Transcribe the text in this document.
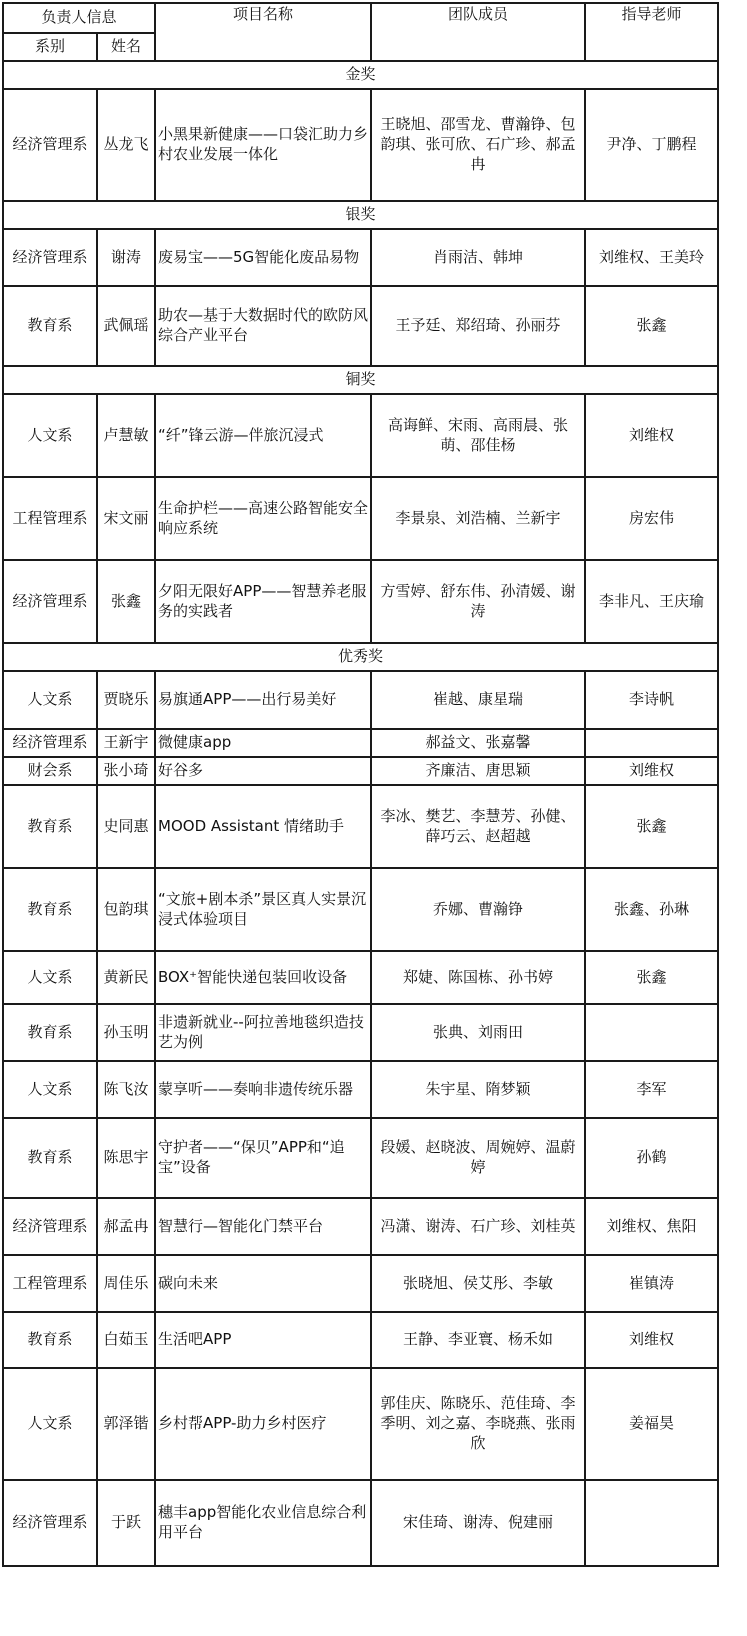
负责人信息		项目名称	团队成员	指导老师
系别	姓名			
金奖				
经济管理系	丛龙飞	小黑果新健康——口袋汇助力乡村农业发展一体化	王晓旭、邵雪龙、曹瀚铮、包韵琪、张可欣、石广珍、郝孟冉	尹净、丁鹏程
银奖				
经济管理系	谢涛	废易宝——5G智能化废品易物	肖雨洁、韩坤	刘维权、王美玲
教育系	武佩瑶	助农—基于大数据时代的欧防风综合产业平台	王予廷、郑绍琦、孙丽芬	张鑫
铜奖				
人文系	卢慧敏	“纤”锋云游—伴旅沉浸式	高诲鲜、宋雨、高雨晨、张萌、邵佳杨	刘维权
工程管理系	宋文丽	生命护栏——高速公路智能安全响应系统	李景泉、刘浩楠、兰新宇	房宏伟
经济管理系	张鑫	夕阳无限好APP——智慧养老服务的实践者	方雪婷、舒东伟、孙清媛、谢涛	李非凡、王庆瑜
优秀奖				
人文系	贾晓乐	易旗通APP——出行易美好	崔越、康星瑞	李诗帆
经济管理系	王新宇	微健康app	郝益文、张嘉馨	
财会系	张小琦	好谷多	齐廉洁、唐思颖	刘维权
教育系	史同惠	MOOD Assistant 情绪助手	李冰、樊艺、李慧芳、孙健、薛巧云、赵超越	张鑫
教育系	包韵琪	“文旅+剧本杀”景区真人实景沉浸式体验项目	乔娜、曹瀚铮	张鑫、孙琳
人文系	黄新民	BOX⁺智能快递包装回收设备	郑婕、陈国栋、孙书婷	张鑫
教育系	孙玉明	非遗新就业--阿拉善地毯织造技艺为例	张典、刘雨田	
人文系	陈飞汝	蒙享听——奏响非遗传统乐器	朱宇星、隋梦颖	李军
教育系	陈思宇	守护者——“保贝”APP和“追宝”设备	段媛、赵晓波、周婉婷、温蔚婷	孙鹤
经济管理系	郝孟冉	智慧行—智能化门禁平台	冯潇、谢涛、石广珍、刘桂英	刘维权、焦阳
工程管理系	周佳乐	碳向未来	张晓旭、侯艾彤、李敏	崔镇涛
教育系	白茹玉	生活吧APP	王静、李亚寰、杨禾如	刘维权
人文系	郭泽锴	乡村帮APP-助力乡村医疗	郭佳庆、陈晓乐、范佳琦、李季明、刘之嘉、李晓燕、张雨欣	姜福昊
经济管理系	于跃	穗丰app智能化农业信息综合利用平台	宋佳琦、谢涛、倪建丽	
